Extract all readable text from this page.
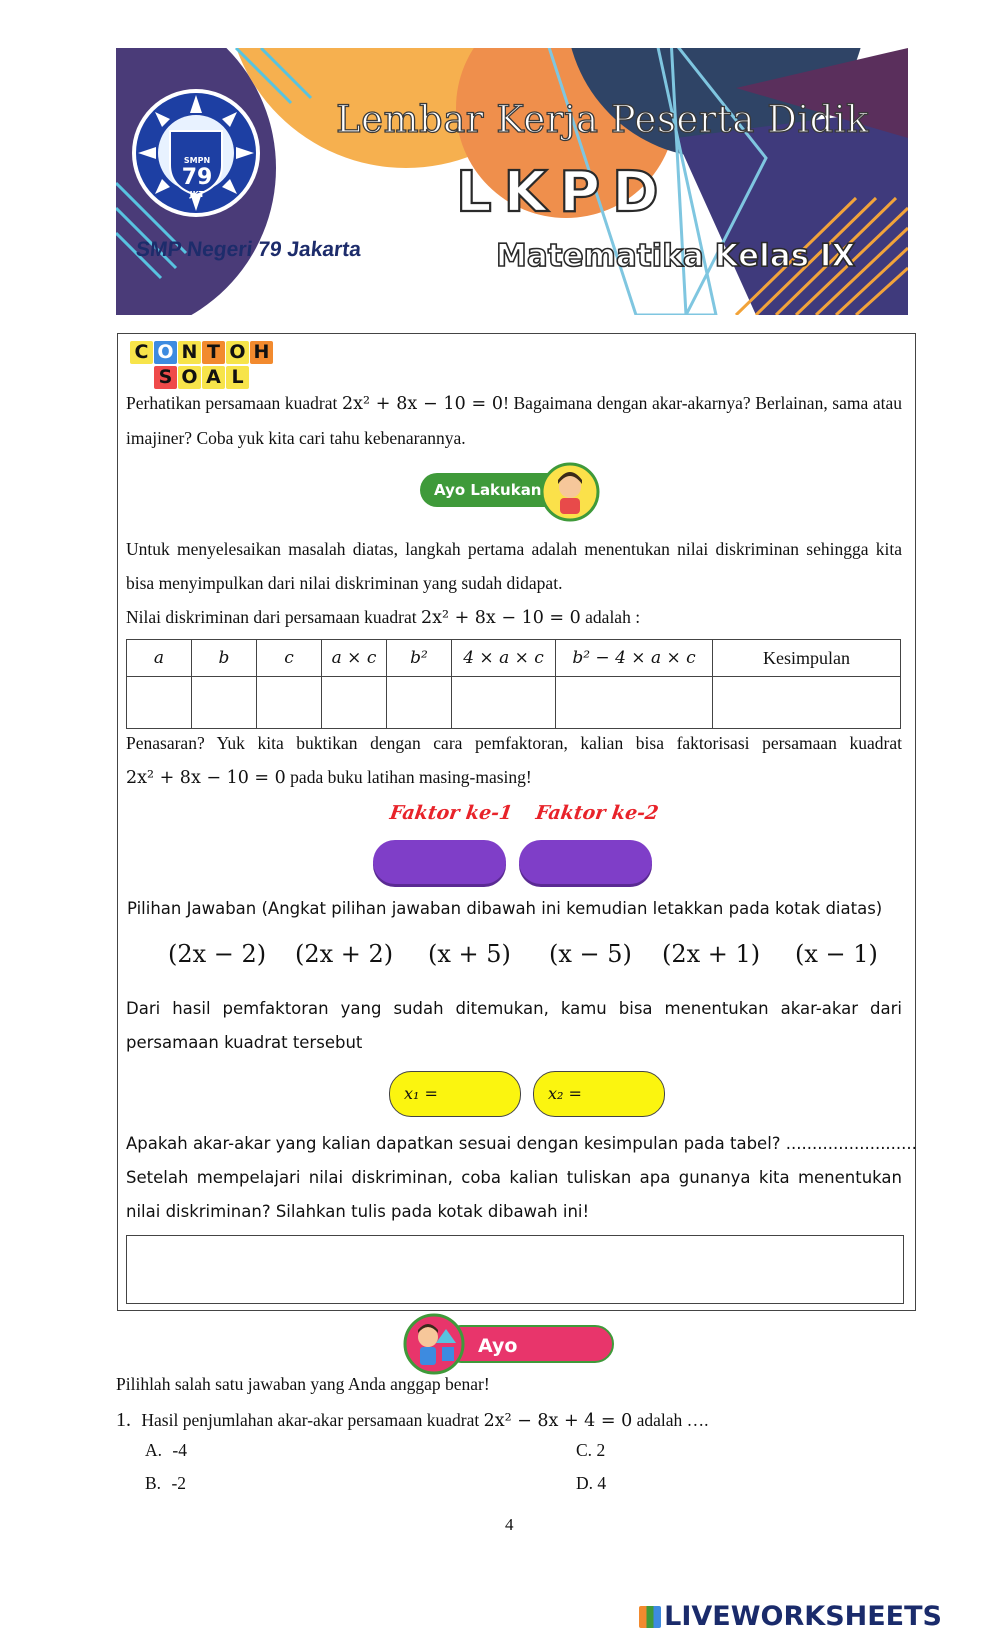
SMPN
79
JKT
SMP Negeri 79 Jakarta
Lembar Kerja Peserta Didik
LKPD
Matematika Kelas IX
C O N T O H
S O A L
Perhatikan persamaan kuadrat 2x² + 8x − 10 = 0! Bagaimana dengan akar-akarnya? Berlainan, sama atau imajiner? Coba yuk kita cari tahu kebenarannya.
Ayo Lakukan
Untuk menyelesaikan masalah diatas, langkah pertama adalah menentukan nilai diskriminan sehingga kita bisa menyimpulkan dari nilai diskriminan yang sudah didapat.
Nilai diskriminan dari persamaan kuadrat 2x² + 8x − 10 = 0 adalah :
a	b	c	a × c	b²	4 × a × c	b² − 4 × a × c	Kesimpulan

Penasaran? Yuk kita buktikan dengan cara pemfaktoran, kalian bisa faktorisasi persamaan kuadrat 2x² + 8x − 10 = 0 pada buku latihan masing-masing!
Faktor ke-1 Faktor ke-2
Pilihan Jawaban (Angkat pilihan jawaban dibawah ini kemudian letakkan pada kotak diatas)
(2x − 2) (2x + 2) (x + 5) (x − 5) (2x + 1) (x − 1)
Dari hasil pemfaktoran yang sudah ditemukan, kamu bisa menentukan akar-akar dari persamaan kuadrat tersebut
x₁ =	x₂ =
Apakah akar-akar yang kalian dapatkan sesuai dengan kesimpulan pada tabel? .........................
Setelah mempelajari nilai diskriminan, coba kalian tuliskan apa gunanya kita menentukan nilai diskriminan? Silahkan tulis pada kotak dibawah ini!
Ayo Kerjakan
Pilihlah salah satu jawaban yang Anda anggap benar!
1. Hasil penjumlahan akar-akar persamaan kuadrat 2x² − 8x + 4 = 0 adalah ….
A. -4	C. 2
B. -2	D. 4
4
LIVEWORKSHEETS
